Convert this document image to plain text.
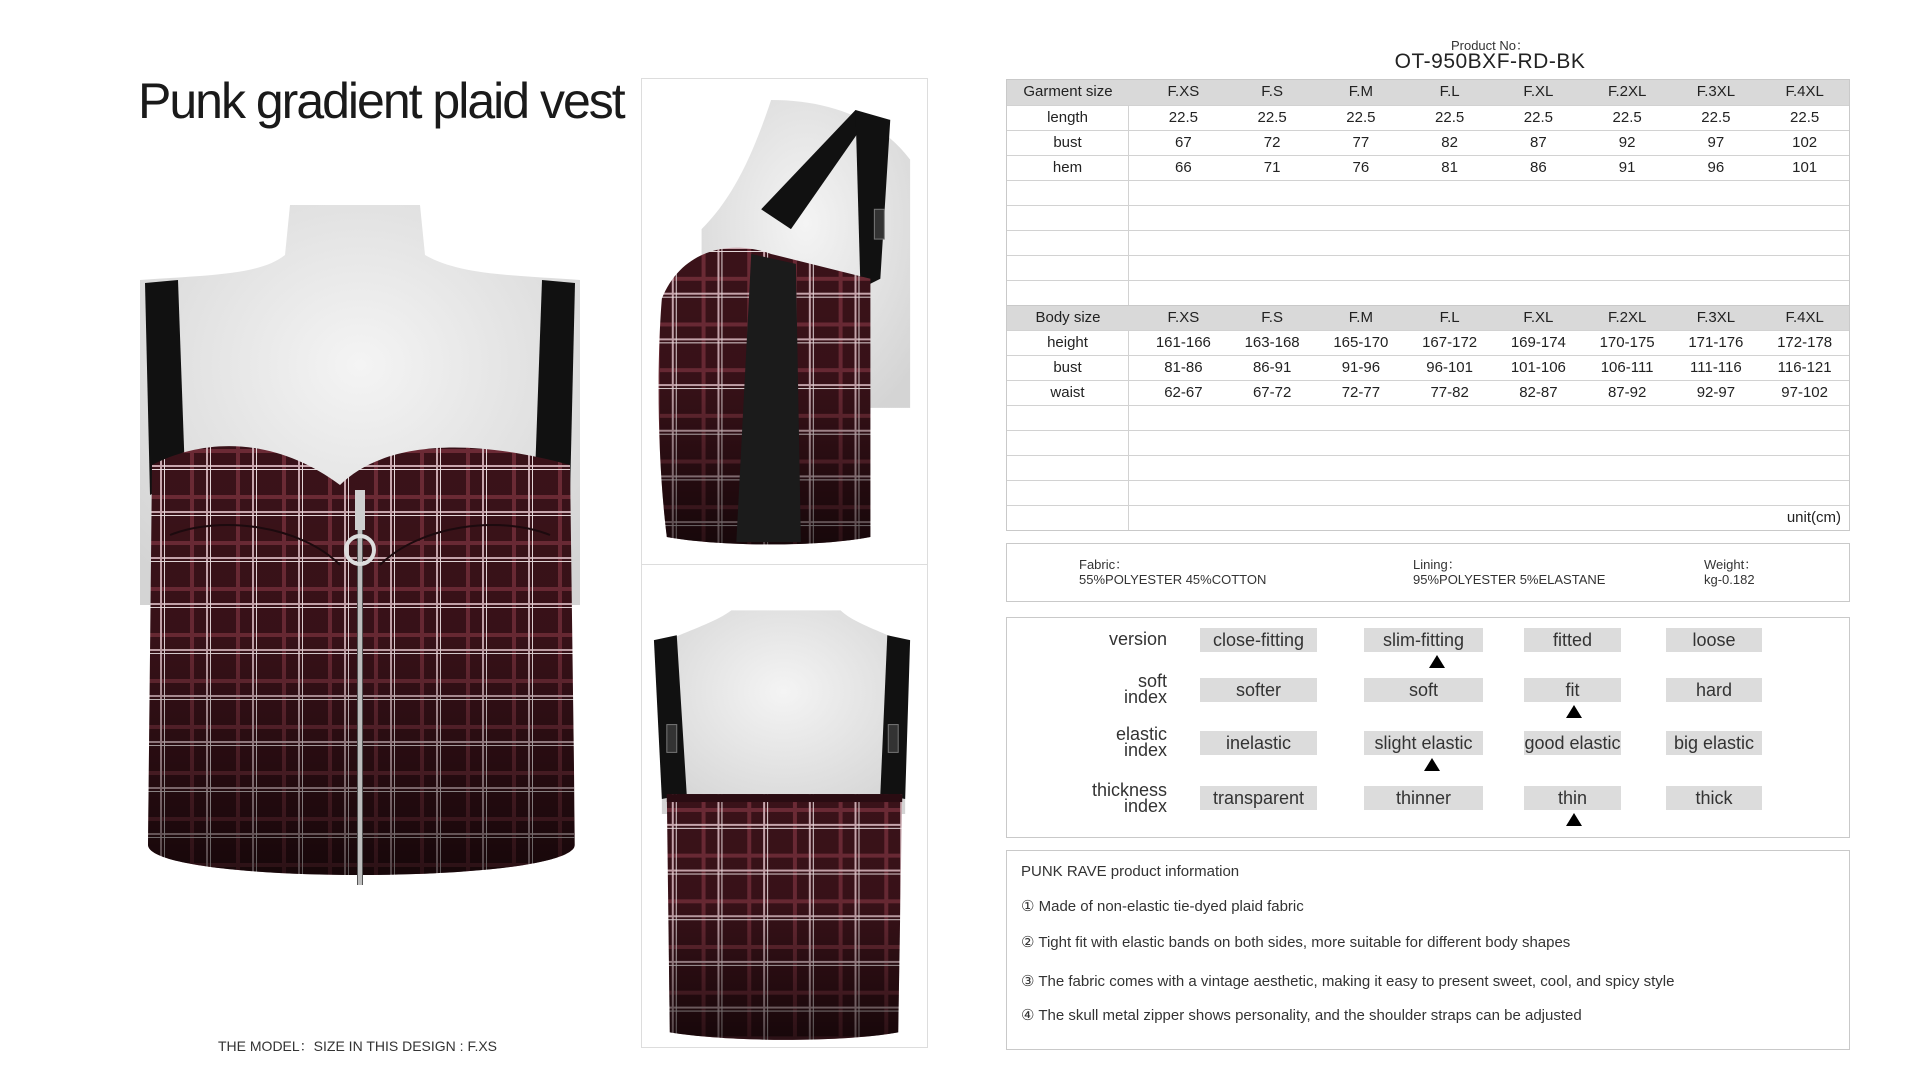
Punk gradient plaid vest
THE MODEL：SIZE IN THIS DESIGN : F.XS
Product No：
OT-950BXF-RD-BK
Garment size	F.XS	F.S	F.M	F.L	F.XL	F.2XL	F.3XL	F.4XL
length	22.5	22.5	22.5	22.5	22.5	22.5	22.5	22.5
bust	67	72	77	82	87	92	97	102
hem	66	71	76	81	86	91	96	101
Body size	F.XS	F.S	F.M	F.L	F.XL	F.2XL	F.3XL	F.4XL
height	161-166	163-168	165-170	167-172	169-174	170-175	171-176	172-178
bust	81-86	86-91	91-96	96-101	101-106	106-111	111-116	116-121
waist	62-67	67-72	72-77	77-82	82-87	87-92	92-97	97-102
unit(cm)
Fabric：
55%POLYESTER 45%COTTON
Lining：
95%POLYESTER 5%ELASTANE
Weight：
kg-0.182
version	close-fitting	slim-fitting	fitted	loose
soft
index	softer	soft	fit	hard
elastic
index	inelastic	slight elastic	good elastic	big elastic
thickness
index	transparent	thinner	thin	thick
PUNK RAVE product information
① Made of non-elastic tie-dyed plaid fabric
② Tight fit with elastic bands on both sides, more suitable for different body shapes
③ The fabric comes with a vintage aesthetic, making it easy to present sweet, cool, and spicy style
④ The skull metal zipper shows personality, and the shoulder straps can be adjusted
